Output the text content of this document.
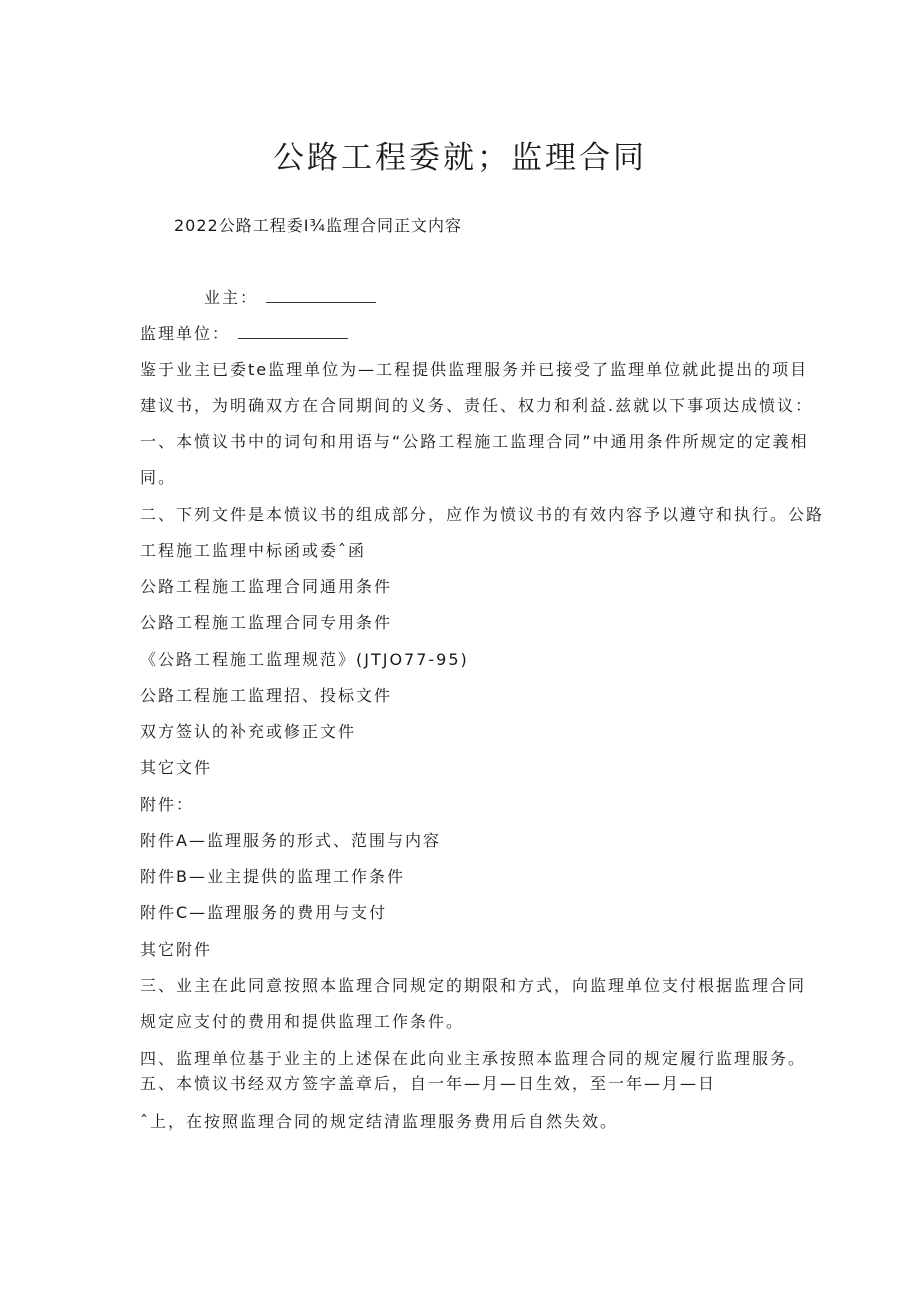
公路工程委就；监理合同

2022公路工程委I¾监理合同正文内容

业主：

监理单位：

鉴于业主已委te监理单位为—工程提供监理服务并已接受了监理单位就此提出的项目

建议书，为明确双方在合同期间的义务、责任、权力和利益.兹就以下事项达成愤议：

一、本愤议书中的词句和用语与“公路工程施工监理合同”中通用条件所规定的定義相

同。

二、下列文件是本愤议书的组成部分，应作为愤议书的有效内容予以遵守和执行。公路

工程施工监理中标函或委ˆ函

公路工程施工监理合同通用条件

公路工程施工监理合同专用条件

《公路工程施工监理规范》(JTJO77-95)

公路工程施工监理招、投标文件

双方签认的补充或修正文件

其它文件

附件：

附件A—监理服务的形式、范围与内容

附件B—业主提供的监理工作条件

附件C—监理服务的费用与支付

其它附件

三、业主在此同意按照本监理合同规定的期限和方式，向监理单位支付根据监理合同

规定应支付的费用和提供监理工作条件。

四、监理单位基于业主的上述保在此向业主承按照本监理合同的规定履行监理服务。

五、本愤议书经双方签字盖章后，自一年—月—日生效，至一年—月—日

ˆ上，在按照监理合同的规定结清监理服务费用后自然失效。
